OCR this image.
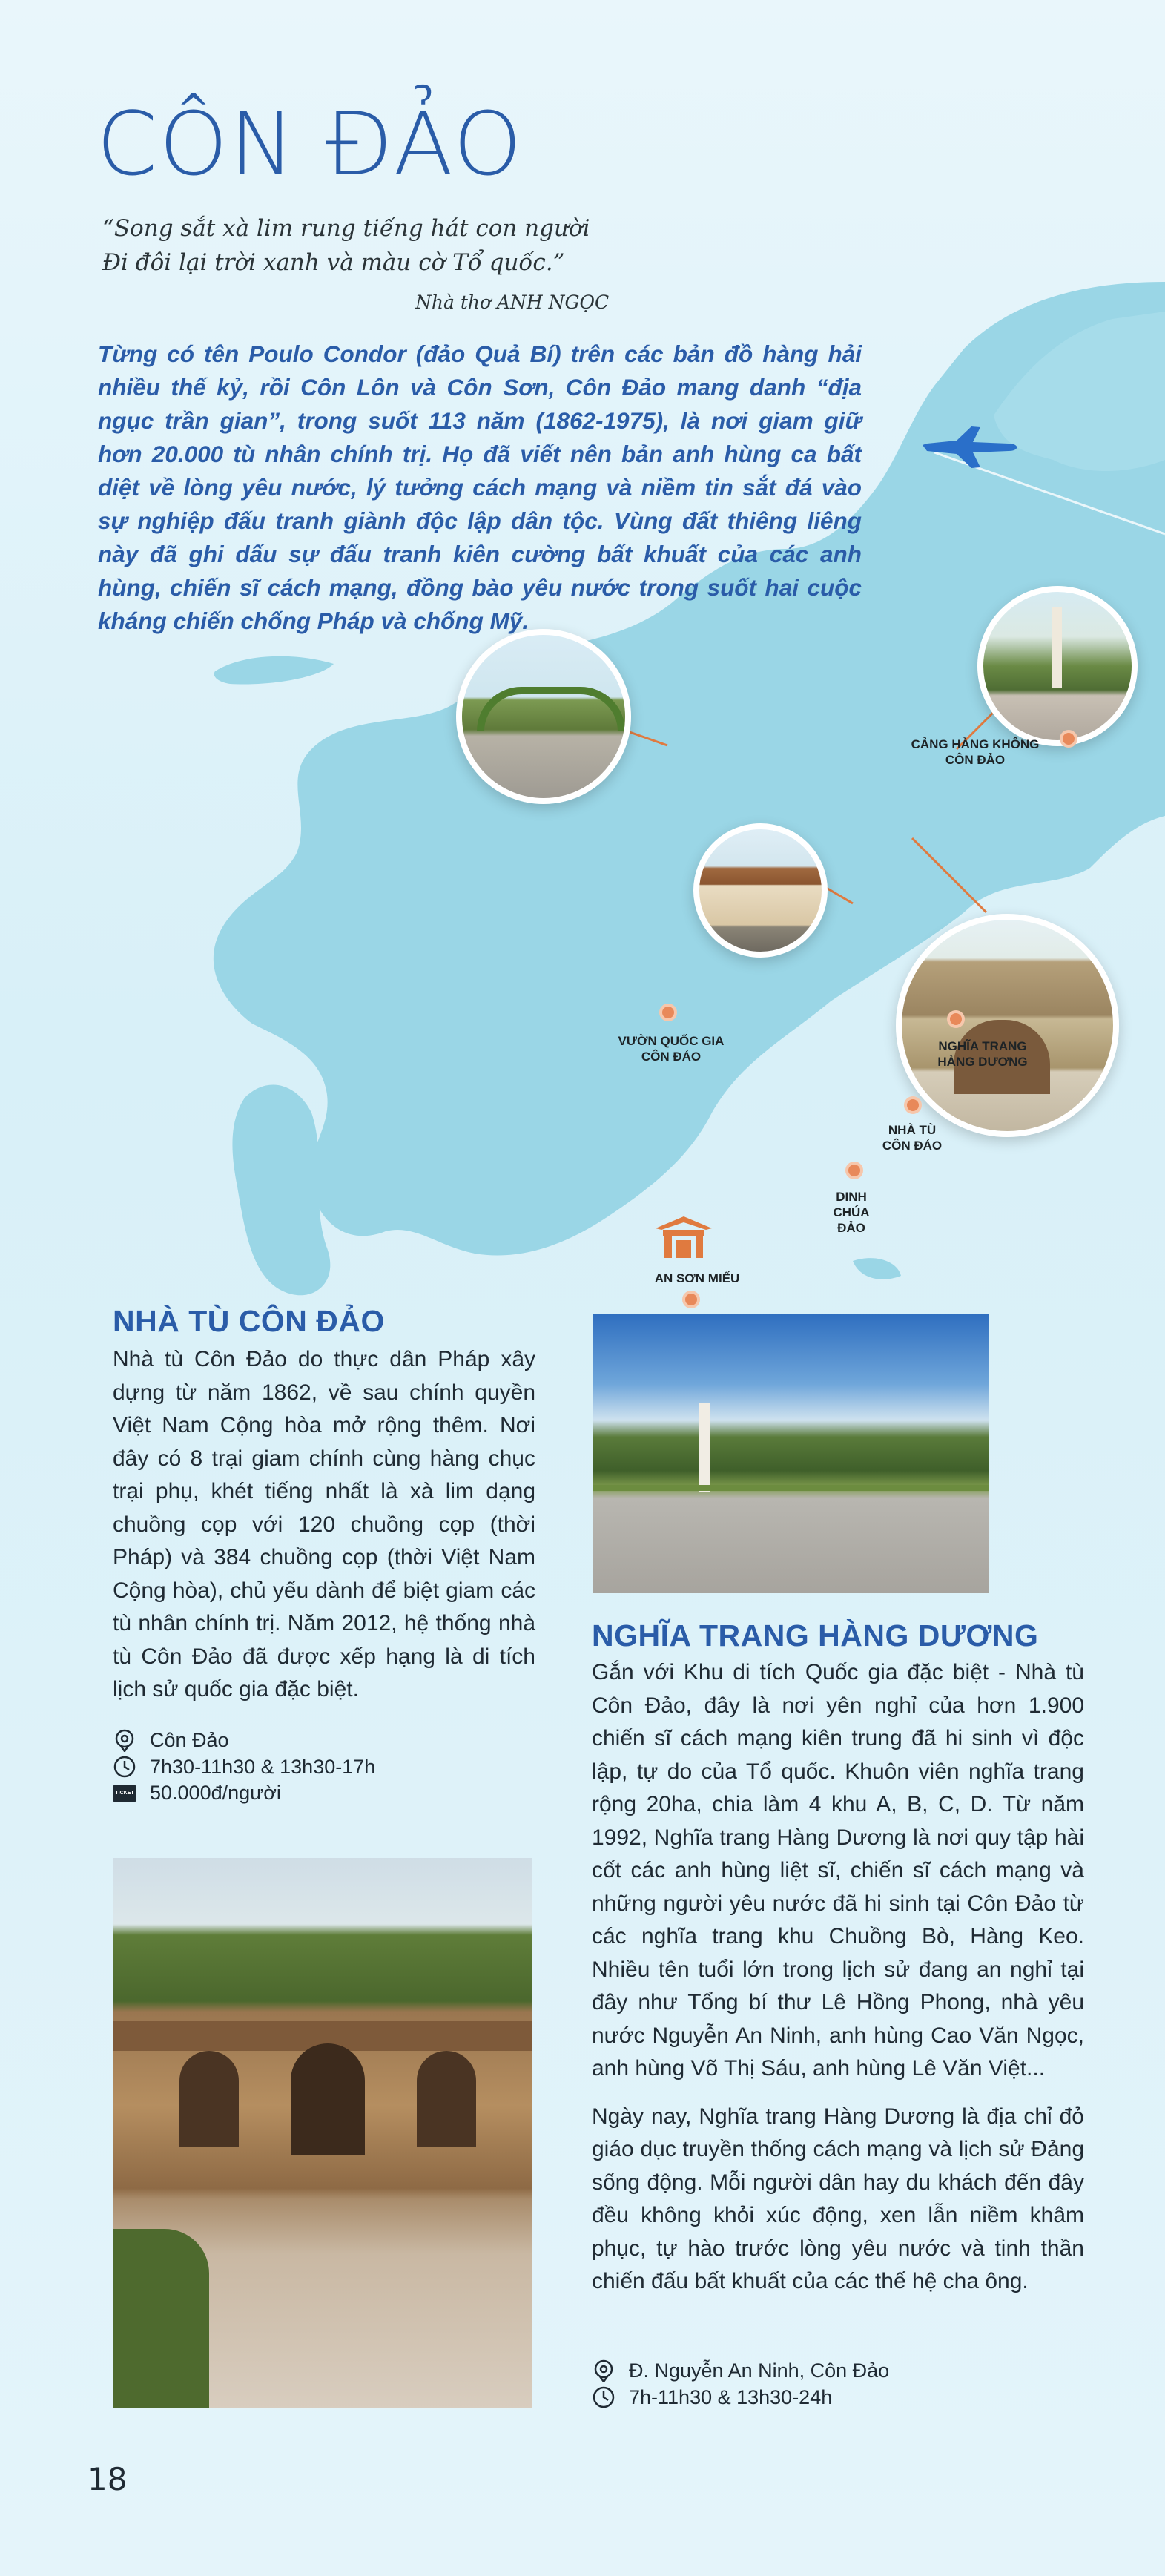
CÔN ĐẢO
“Song sắt xà lim rung tiếng hát con người
Đi đôi lại trời xanh và màu cờ Tổ quốc.”

Nhà thơ ANH NGỌC

CẢNG HÀNG KHÔNG
CÔN ĐẢO
VƯỜN QUỐC GIA
CÔN ĐẢO
NGHĨA TRANG
HÀNG DƯƠNG
NHÀ TÙ
CÔN ĐẢO
DINH
CHÚA
ĐẢO
AN SƠN MIẾU

Từng có tên Poulo Condor (đảo Quả Bí) trên các bản đồ hàng hải nhiều thế kỷ, rồi Côn Lôn và Côn Sơn, Côn Đảo mang danh “địa ngục trần gian”, trong suốt 113 năm (1862-1975), là nơi giam giữ hơn 20.000 tù nhân chính trị. Họ đã viết nên bản anh hùng ca bất diệt về lòng yêu nước, lý tưởng cách mạng và niềm tin sắt đá vào sự nghiệp đấu tranh giành độc lập dân tộc. Vùng đất thiêng liêng này đã ghi dấu sự đấu tranh kiên cường bất khuất của các anh hùng, chiến sĩ cách mạng, đồng bào yêu nước trong suốt hai cuộc kháng chiến chống Pháp và chống Mỹ.

NHÀ TÙ CÔN ĐẢO

Nhà tù Côn Đảo do thực dân Pháp xây dựng từ năm 1862, về sau chính quyền Việt Nam Cộng hòa mở rộng thêm. Nơi đây có 8 trại giam chính cùng hàng chục trại phụ, khét tiếng nhất là xà lim dạng chuồng cọp với 120 chuồng cọp (thời Pháp) và 384 chuồng cọp (thời Việt Nam Cộng hòa), chủ yếu dành để biệt giam các tù nhân chính trị. Năm 2012, hệ thống nhà tù Côn Đảo đã được xếp hạng là di tích lịch sử quốc gia đặc biệt.

Côn Đảo
7h30-11h30 & 13h30-17h
TICKET 50.000đ/người
NGHĨA TRANG HÀNG DƯƠNG

Gắn với Khu di tích Quốc gia đặc biệt - Nhà tù Côn Đảo, đây là nơi yên nghỉ của hơn 1.900 chiến sĩ cách mạng kiên trung đã hi sinh vì độc lập, tự do của Tổ quốc. Khuôn viên nghĩa trang rộng 20ha, chia làm 4 khu A, B, C, D. Từ năm 1992, Nghĩa trang Hàng Dương là nơi quy tập hài cốt các anh hùng liệt sĩ, chiến sĩ cách mạng và những người yêu nước đã hi sinh tại Côn Đảo từ các nghĩa trang khu Chuồng Bò, Hàng Keo. Nhiều tên tuổi lớn trong lịch sử đang an nghỉ tại đây như Tổng bí thư Lê Hồng Phong, nhà yêu nước Nguyễn An Ninh, anh hùng Cao Văn Ngọc, anh hùng Võ Thị Sáu, anh hùng Lê Văn Việt...

Ngày nay, Nghĩa trang Hàng Dương là địa chỉ đỏ giáo dục truyền thống cách mạng và lịch sử Đảng sống động. Mỗi người dân hay du khách đến đây đều không khỏi xúc động, xen lẫn niềm khâm phục, tự hào trước lòng yêu nước và tinh thần chiến đấu bất khuất của các thế hệ cha ông.

Đ. Nguyễn An Ninh, Côn Đảo
7h-11h30 & 13h30-24h

18
